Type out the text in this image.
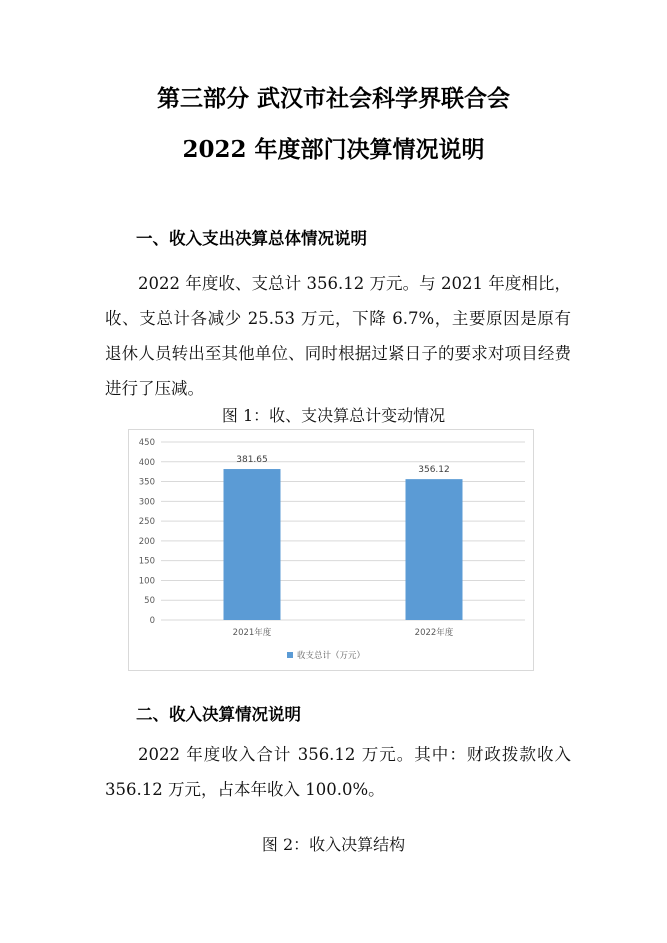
第三部分 武汉市社会科学界联合会
2022 年度部门决算情况说明
一、收入支出决算总体情况说明
2022 年度收、支总计 356.12 万元。与 2021 年度相比，收、支总计各减少 25.53 万元，下降 6.7%，主要原因是原有退休人员转出至其他单位、同时根据过紧日子的要求对项目经费进行了压减。
图 1：收、支决算总计变动情况
0
50
100
150
200
250
300
350
400
450
381.65
2021年度
356.12
2022年度
收支总计（万元）
二、收入决算情况说明
2022 年度收入合计 356.12 万元。其中：财政拨款收入 356.12 万元，占本年收入 100.0%。
图 2：收入决算结构
